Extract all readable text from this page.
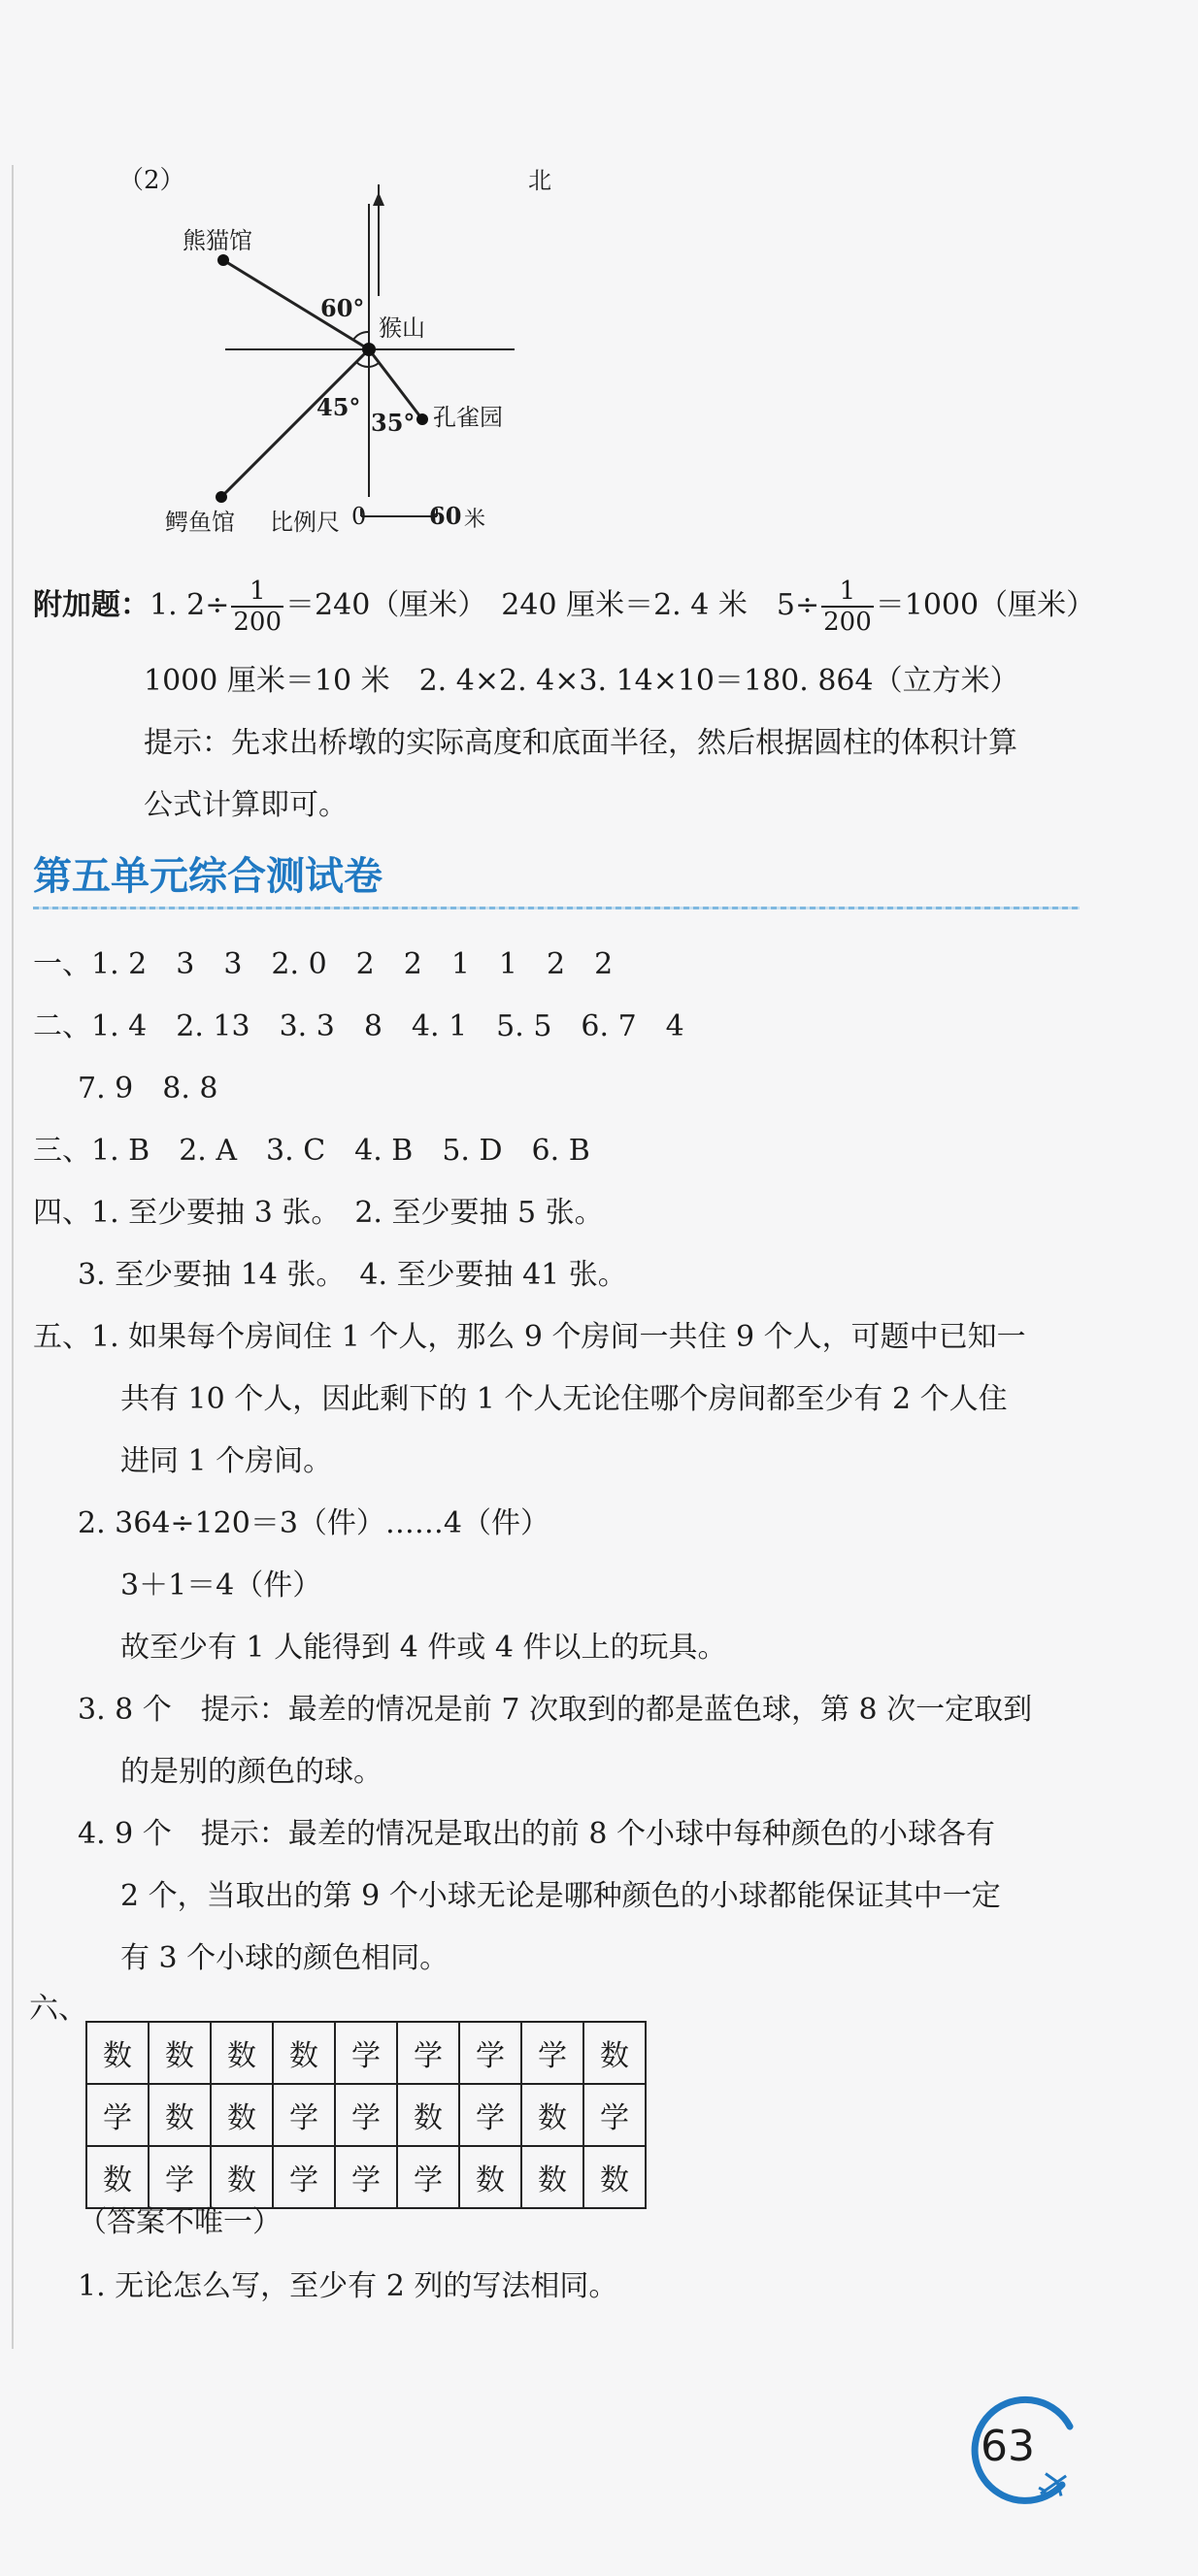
（2）	北
熊猫馆
60°
猴山
45°
35° 孔雀园
鳄鱼馆 比例尺 0	60 米
附加题：1. $2\div \frac{1}{200} =240$（厘米）　240 厘米＝2. 4 米　$5\div \frac{1}{200} =1000$（厘米）
1000 厘米＝10 米　2. 4×2. 4×3. 14×10＝180. 864（立方米）
提示：先求出桥墩的实际高度和底面半径，然后根据圆柱的体积计算
公式计算即可。
第五单元综合测试卷
一、1. 2　3　3　2. 0　2　2　1　1　2　2
二、1. 4　2. 13　3. 3　8　4. 1　5. 5　6. 7　4
7. 9　8. 8
三、1. B　2. A　3. C　4. B　5. D　6. B
四、1. 至少要抽 3 张。　2. 至少要抽 5 张。
3. 至少要抽 14 张。　4. 至少要抽 41 张。
五、1. 如果每个房间住 1 个人，那么 9 个房间一共住 9 个人，可题中已知一
共有 10 个人，因此剩下的 1 个人无论住哪个房间都至少有 2 个人住
进同 1 个房间。
2. 364÷120＝3（件）……4（件）
3＋1＝4（件）
故至少有 1 人能得到 4 件或 4 件以上的玩具。
3. 8 个　提示：最差的情况是前 7 次取到的都是蓝色球，第 8 次一定取到
的是别的颜色的球。
4. 9 个　提示：最差的情况是取出的前 8 个小球中每种颜色的小球各有
2 个，当取出的第 9 个小球无论是哪种颜色的小球都能保证其中一定
有 3 个小球的颜色相同。
六、
数	数	数	数	学	学	学	学	数
学	数	数	学	学	数	学	数	学
数	学	数	学	学	学	数	数	数
（答案不唯一）
1. 无论怎么写，至少有 2 列的写法相同。
63
